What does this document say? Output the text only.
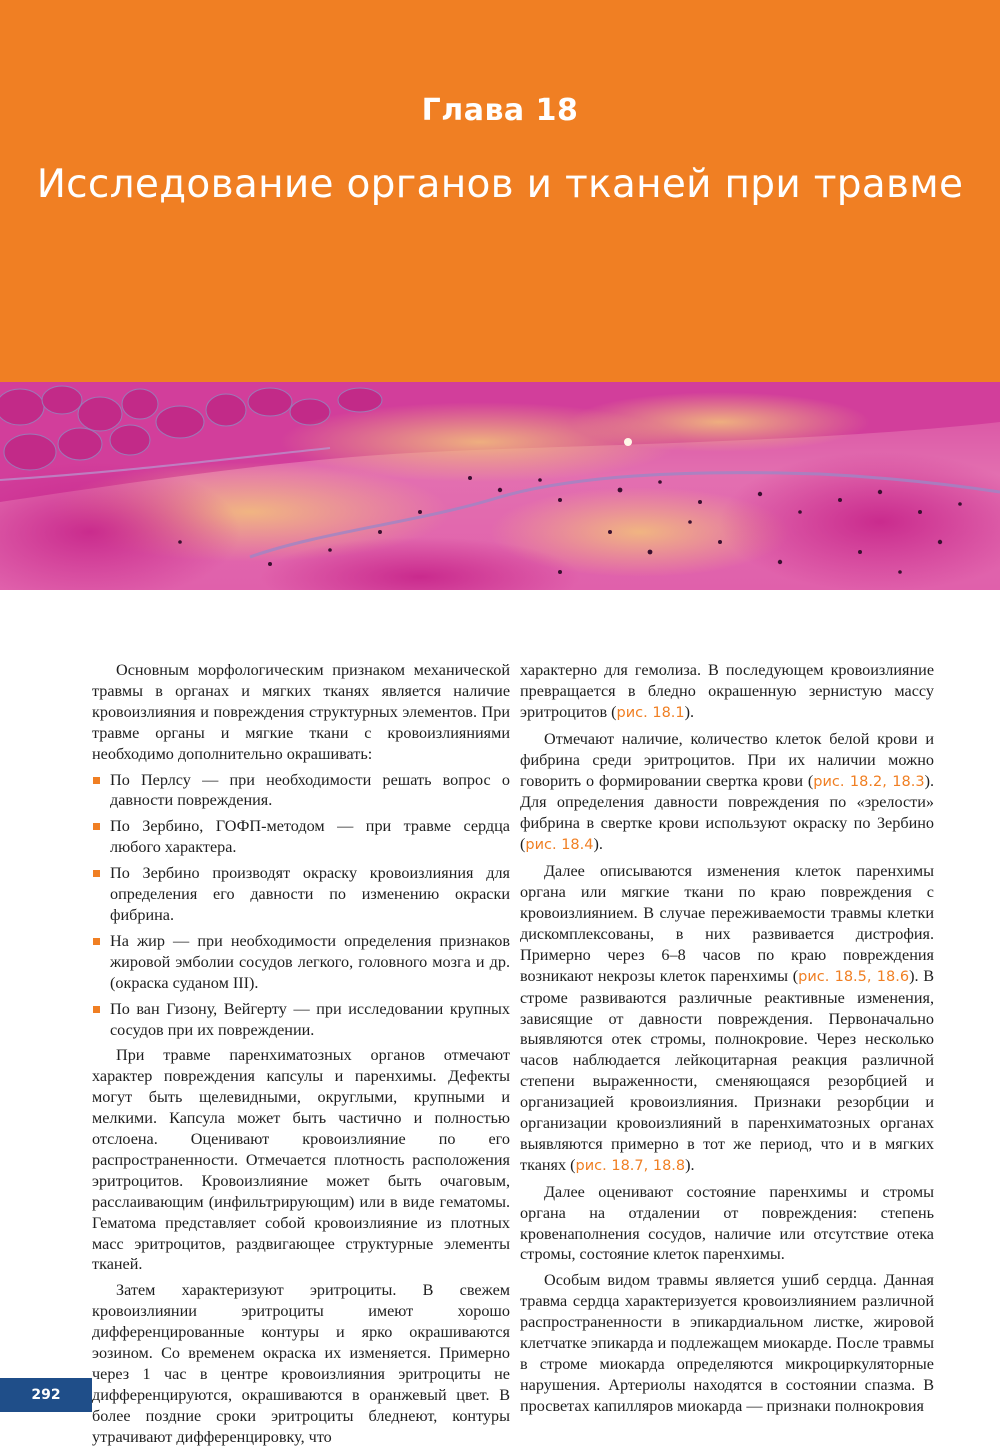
Глава 18
Исследование органов и тканей при травме

Основным морфологическим признаком механической травмы в органах и мягких тканях является наличие кровоизлияния и повреждения структурных элементов. При травме органы и мягкие ткани с кровоизлияниями необходимо дополнительно окрашивать:

По Перлсу — при необходимости решать вопрос о давности повреждения.
По Зербино, ГОФП-методом — при травме сердца любого характера.
По Зербино производят окраску кровоизлияния для определения его давности по изменению окраски фибрина.
На жир — при необходимости определения признаков жировой эмболии сосудов легкого, головного мозга и др. (окраска суданом III).
По ван Гизону, Вейгерту — при исследовании крупных сосудов при их повреждении.

При травме паренхиматозных органов отмечают характер повреждения капсулы и паренхимы. Дефекты могут быть щелевидными, округлыми, крупными и мелкими. Капсула может быть частично и полностью отслоена. Оценивают кровоизлияние по его распространенности. Отмечается плотность расположения эритроцитов. Кровоизлияние может быть очаговым, расслаивающим (инфильтрирующим) или в виде гематомы. Гематома представляет собой кровоизлияние из плотных масс эритроцитов, раздвигающее структурные элементы тканей.

Затем характеризуют эритроциты. В свежем кровоизлиянии эритроциты имеют хорошо дифференцированные контуры и ярко окрашиваются эозином. Со временем окраска их изменяется. Примерно через 1 час в центре кровоизлияния эритроциты не дифференцируются, окрашиваются в оранжевый цвет. В более поздние сроки эритроциты бледнеют, контуры утрачивают дифференцировку, что

характерно для гемолиза. В последующем кровоизлияние превращается в бледно окрашенную зернистую массу эритроцитов (рис. 18.1).

Отмечают наличие, количество клеток белой крови и фибрина среди эритроцитов. При их наличии можно говорить о формировании свертка крови (рис. 18.2, 18.3). Для определения давности повреждения по «зрелости» фибрина в свертке крови используют окраску по Зербино (рис. 18.4).

Далее описываются изменения клеток паренхимы органа или мягкие ткани по краю повреждения с кровоизлиянием. В случае переживаемости травмы клетки дискомплексованы, в них развивается дистрофия. Примерно через 6–8 часов по краю повреждения возникают некрозы клеток паренхимы (рис. 18.5, 18.6). В строме развиваются различные реактивные изменения, зависящие от давности повреждения. Первоначально выявляются отек стромы, полнокровие. Через несколько часов наблюдается лейкоцитарная реакция различной степени выраженности, сменяющаяся резорбцией и организацией кровоизлияния. Признаки резорбции и организации кровоизлияний в паренхиматозных органах выявляются примерно в тот же период, что и в мягких тканях (рис. 18.7, 18.8).

Далее оценивают состояние паренхимы и стромы органа на отдалении от повреждения: степень кровенаполнения сосудов, наличие или отсутствие отека стромы, состояние клеток паренхимы.

Особым видом травмы является ушиб сердца. Данная травма сердца характеризуется кровоизлиянием различной распространенности в эпикардиальном листке, жировой клетчатке эпикарда и подлежащем миокарде. После травмы в строме миокарда определяются микроциркуляторные нарушения. Артериолы находятся в состоянии спазма. В просветах капилляров миокарда — признаки полнокровия

292
